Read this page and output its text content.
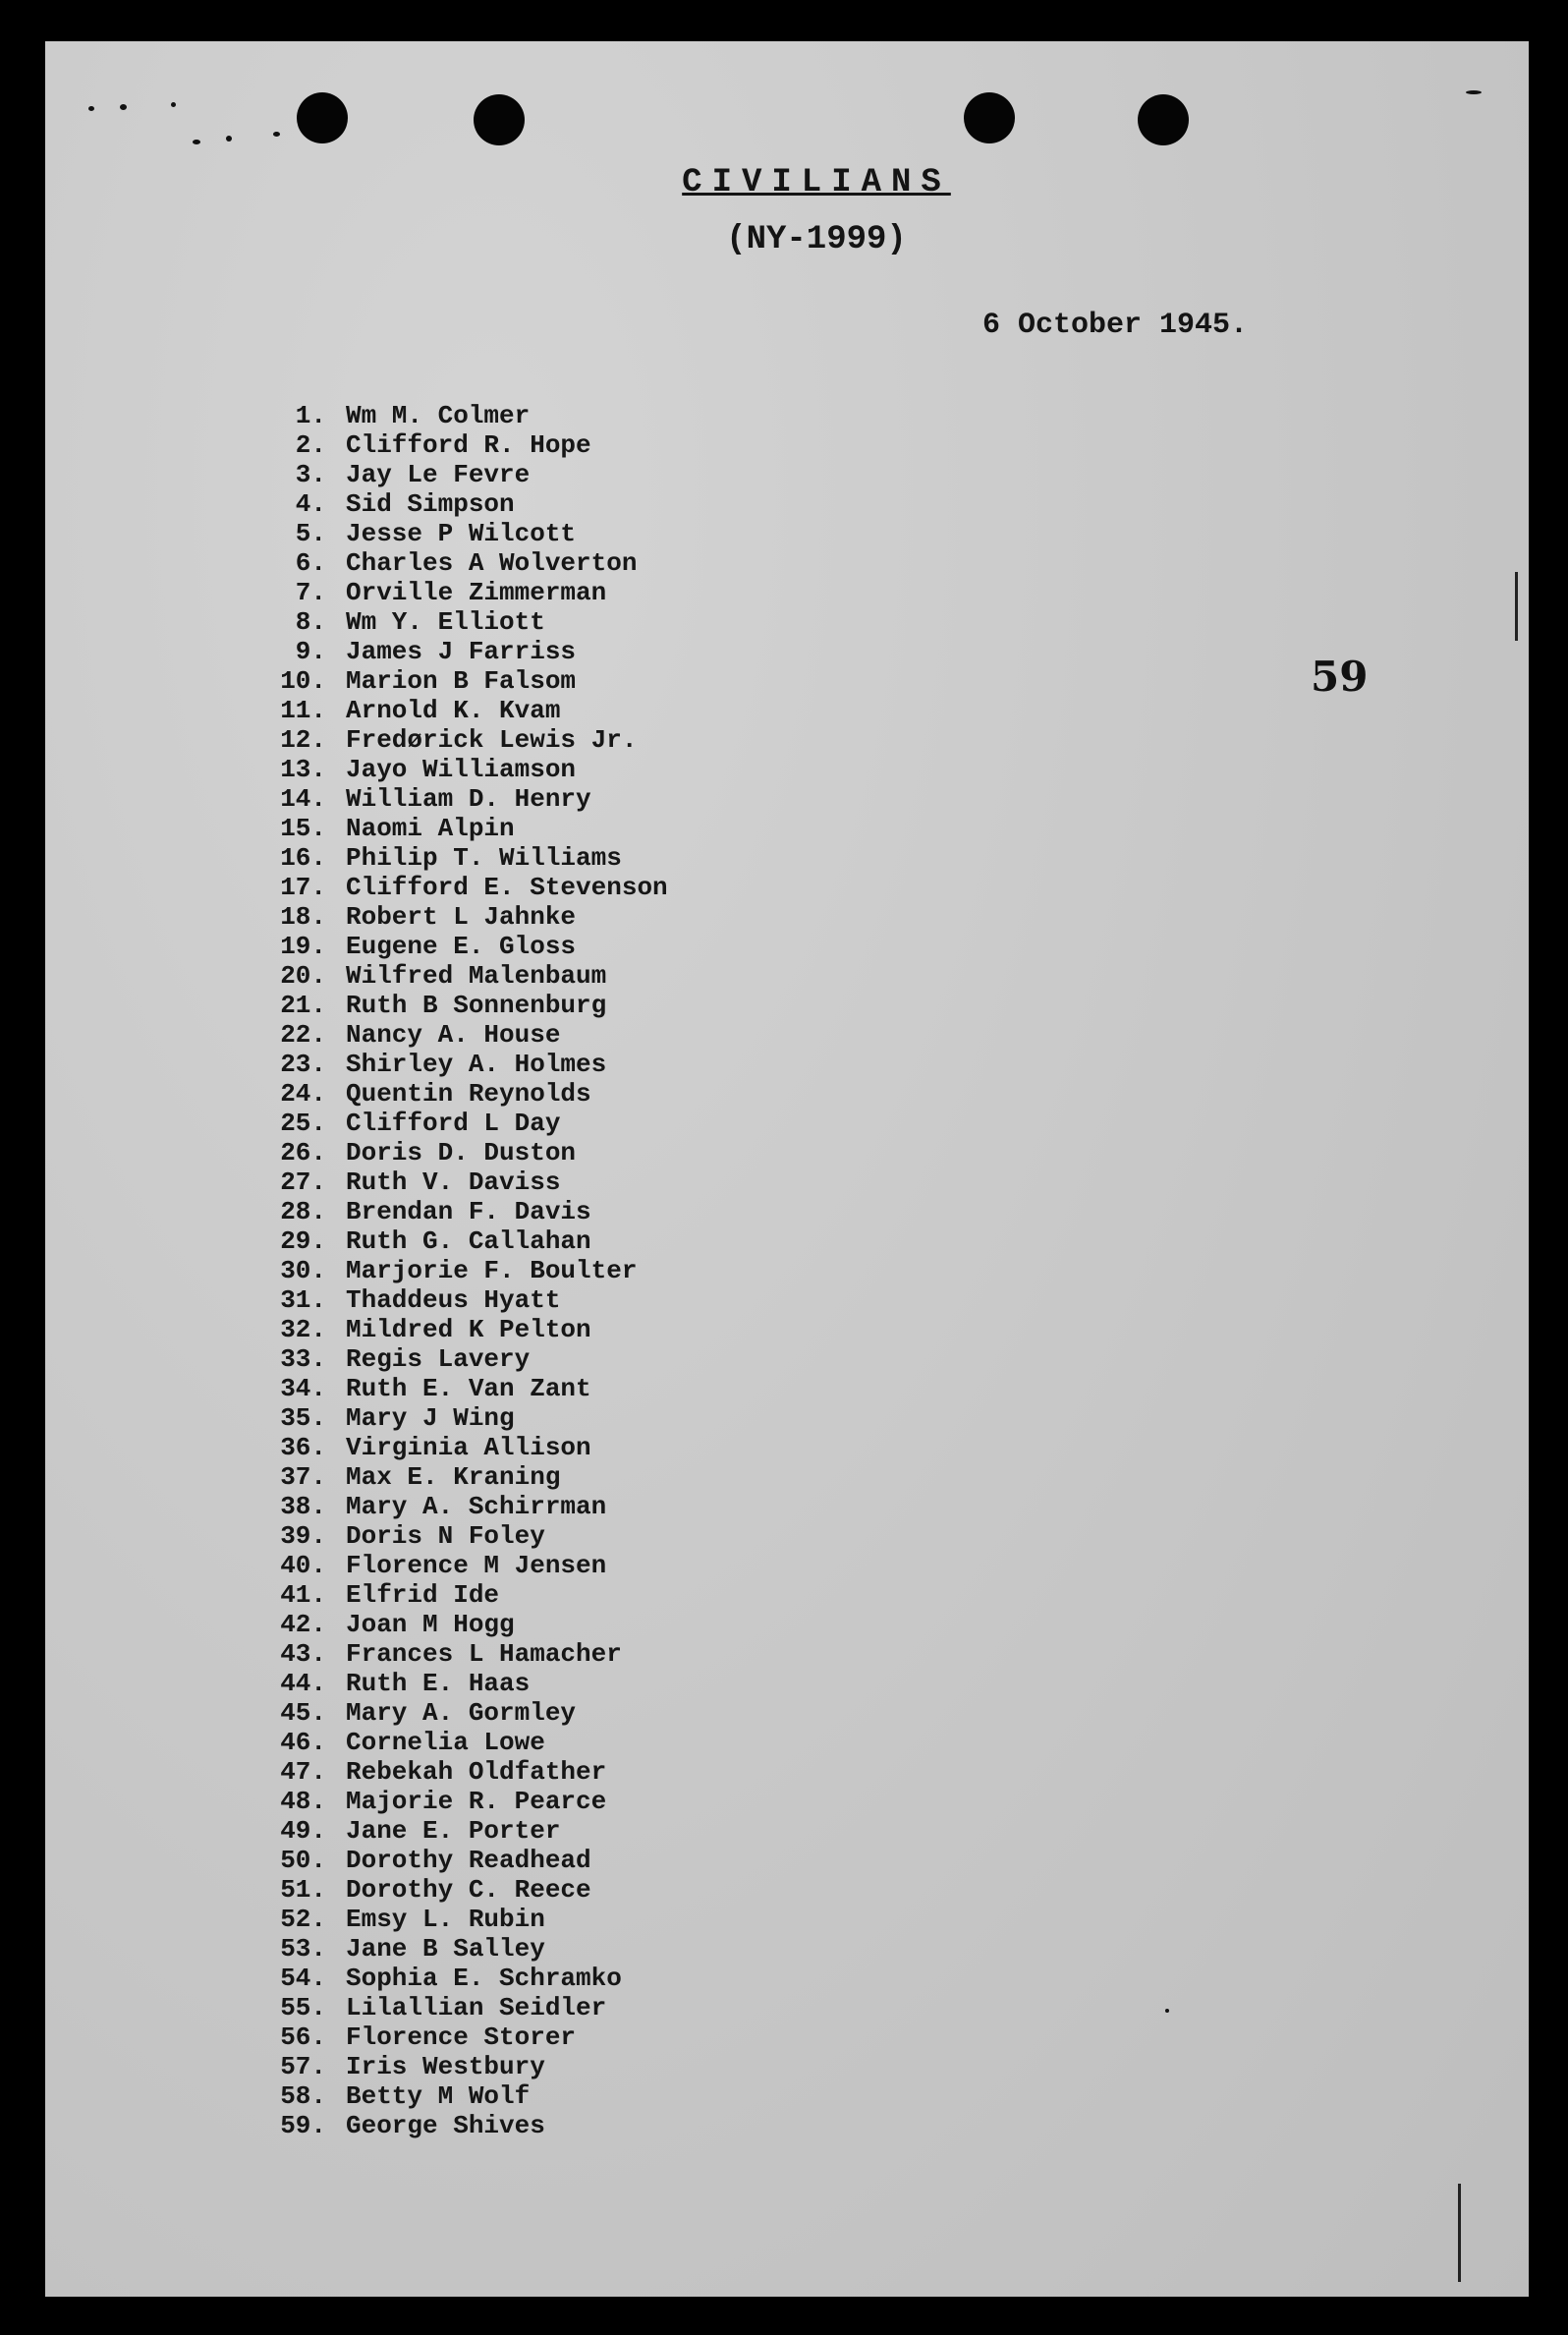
CIVILIANS
(NY-1999)
6 October 1945.
59
1. Wm M. Colmer
2. Clifford R. Hope
3. Jay Le Fevre
4. Sid Simpson
5. Jesse P Wilcott
6. Charles A Wolverton
7. Orville Zimmerman
8. Wm Y. Elliott
9. James J Farriss
10. Marion B Falsom
11. Arnold K. Kvam
12. Fredørick Lewis Jr.
13. Jayo Williamson
14. William D. Henry
15. Naomi Alpin
16. Philip T. Williams
17. Clifford E. Stevenson
18. Robert L Jahnke
19. Eugene E. Gloss
20. Wilfred Malenbaum
21. Ruth B Sonnenburg
22. Nancy A. House
23. Shirley A. Holmes
24. Quentin Reynolds
25. Clifford L Day
26. Doris D. Duston
27. Ruth V. Daviss
28. Brendan F. Davis
29. Ruth G. Callahan
30. Marjorie F. Boulter
31. Thaddeus Hyatt
32. Mildred K Pelton
33. Regis Lavery
34. Ruth E. Van Zant
35. Mary J Wing
36. Virginia Allison
37. Max E. Kraning
38. Mary A. Schirrman
39. Doris N Foley
40. Florence M Jensen
41. Elfrid Ide
42. Joan M Hogg
43. Frances L Hamacher
44. Ruth E. Haas
45. Mary A. Gormley
46. Cornelia Lowe
47. Rebekah Oldfather
48. Majorie R. Pearce
49. Jane E. Porter
50. Dorothy Readhead
51. Dorothy C. Reece
52. Emsy L. Rubin
53. Jane B Salley
54. Sophia E. Schramko
55. Lilallian Seidler
56. Florence Storer
57. Iris Westbury
58. Betty M Wolf
59. George Shives
